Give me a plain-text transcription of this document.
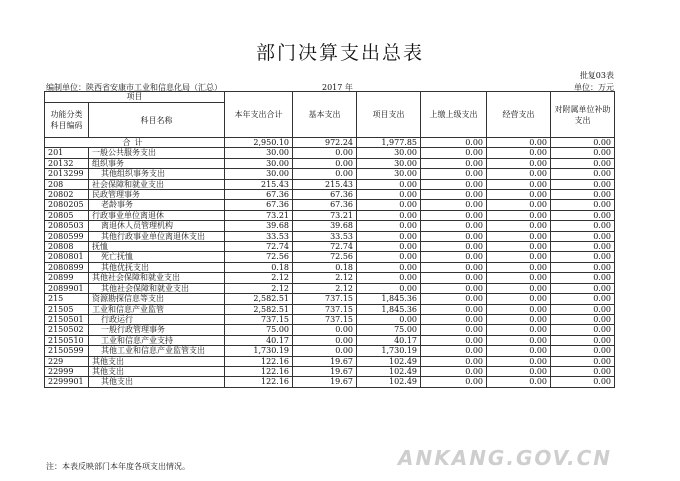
部门决算支出总表
批复03表
编制单位：陕西省安康市工业和信息化局（汇总）	2017 年	单位：万元
项目		本年支出合计	基本支出	项目支出	上缴上级支出	经营支出	对附属单位补助支出
功能分类科目编码	科目名称						
合计		2,950.10	972.24	1,977.85	0.00	0.00	0.00
201	一般公共服务支出	30.00	0.00	30.00	0.00	0.00	0.00
20132	组织事务	30.00	0.00	30.00	0.00	0.00	0.00
2013299	其他组织事务支出	30.00	0.00	30.00	0.00	0.00	0.00
208	社会保障和就业支出	215.43	215.43	0.00	0.00	0.00	0.00
20802	民政管理事务	67.36	67.36	0.00	0.00	0.00	0.00
2080205	老龄事务	67.36	67.36	0.00	0.00	0.00	0.00
20805	行政事业单位离退休	73.21	73.21	0.00	0.00	0.00	0.00
2080503	离退休人员管理机构	39.68	39.68	0.00	0.00	0.00	0.00
2080599	其他行政事业单位离退休支出	33.53	33.53	0.00	0.00	0.00	0.00
20808	抚恤	72.74	72.74	0.00	0.00	0.00	0.00
2080801	死亡抚恤	72.56	72.56	0.00	0.00	0.00	0.00
2080899	其他优抚支出	0.18	0.18	0.00	0.00	0.00	0.00
20899	其他社会保障和就业支出	2.12	2.12	0.00	0.00	0.00	0.00
2089901	其他社会保障和就业支出	2.12	2.12	0.00	0.00	0.00	0.00
215	资源勘探信息等支出	2,582.51	737.15	1,845.36	0.00	0.00	0.00
21505	工业和信息产业监管	2,582.51	737.15	1,845.36	0.00	0.00	0.00
2150501	行政运行	737.15	737.15	0.00	0.00	0.00	0.00
2150502	一般行政管理事务	75.00	0.00	75.00	0.00	0.00	0.00
2150510	工业和信息产业支持	40.17	0.00	40.17	0.00	0.00	0.00
2150599	其他工业和信息产业监管支出	1,730.19	0.00	1,730.19	0.00	0.00	0.00
229	其他支出	122.16	19.67	102.49	0.00	0.00	0.00
22999	其他支出	122.16	19.67	102.49	0.00	0.00	0.00
2299901	其他支出	122.16	19.67	102.49	0.00	0.00	0.00
注：本表反映部门本年度各项支出情况。	ANKANG.GOV.CN
